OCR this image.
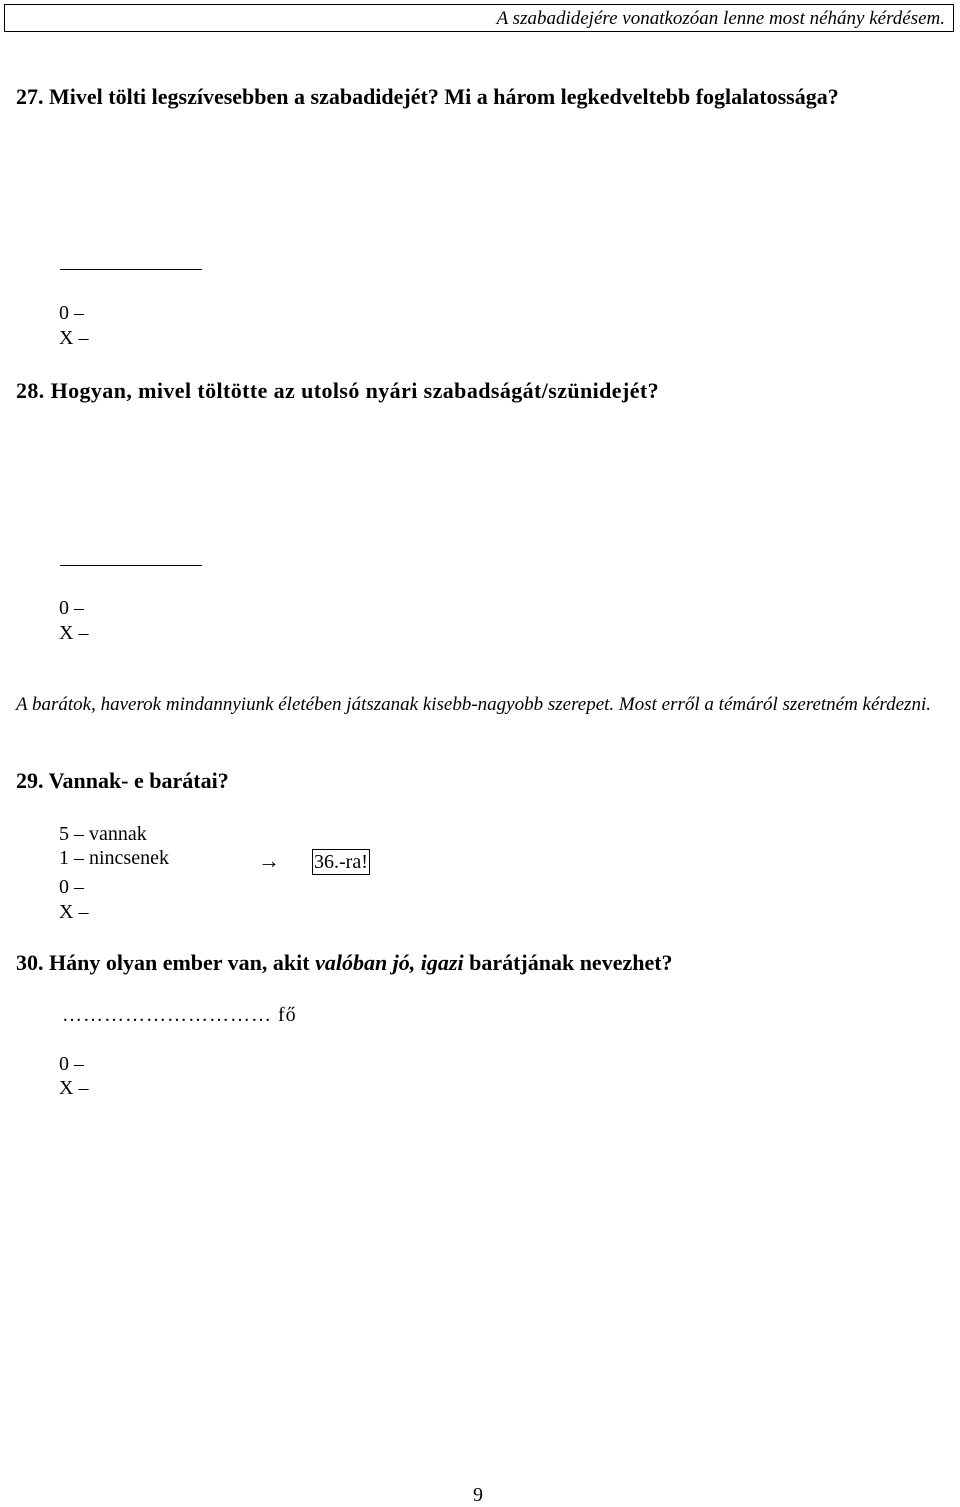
A szabadidejére vonatkozóan lenne most néhány kérdésem.
27. Mivel tölti legszívesebben a szabadidejét? Mi a három legkedveltebb foglalatossága?
0 –
X –
28. Hogyan, mivel töltötte az utolsó nyári szabadságát/szünidejét?
0 –
X –
A barátok, haverok mindannyiunk életében játszanak kisebb-nagyobb szerepet. Most erről a témáról szeretném kérdezni.
29. Vannak- e barátai?
5 – vannak
1 – nincsenek
0 –
X –
→ 36.-ra!
30. Hány olyan ember van, akit valóban jó, igazi barátjának nevezhet?
………………………… fő
0 –
X –
9
